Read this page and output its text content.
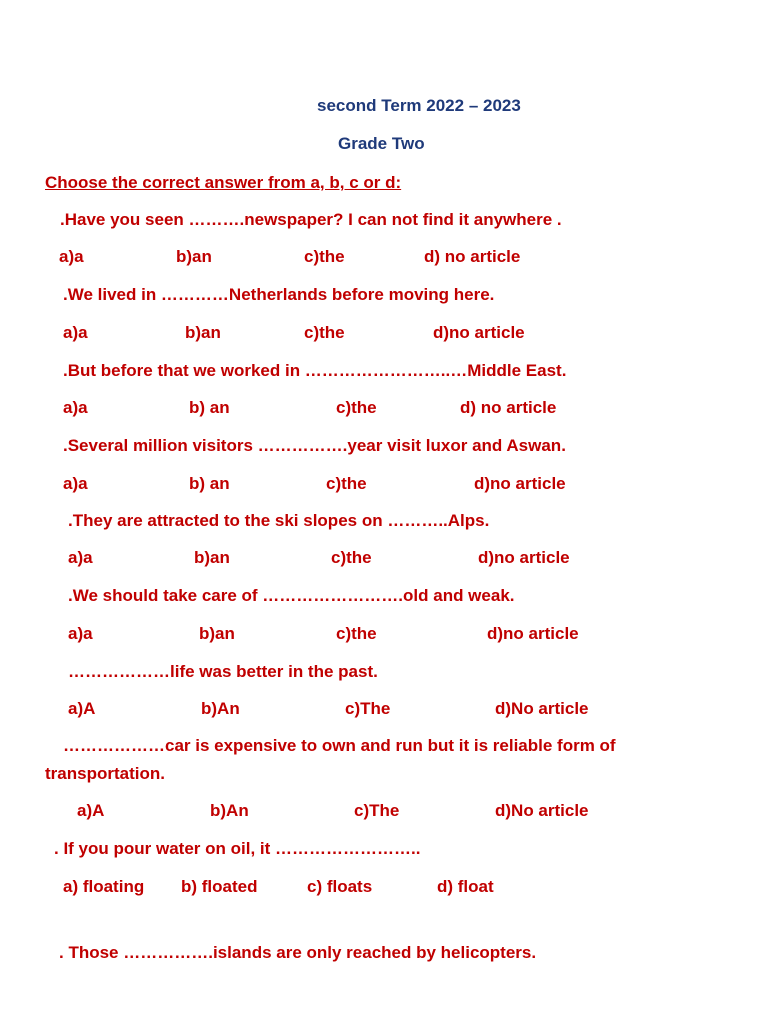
second Term 2022 – 2023
Grade Two
Choose the correct answer from a, b, c or d:
.Have you seen ……….newspaper? I can not find it anywhere .
a)a	b)an	c)the	d) no article
.We lived in …………Netherlands before moving here.
a)a	b)an	c)the	d)no article
.But before that we worked in ……………………..…Middle East.
a)a	b) an	c)the	d) no article
.Several million visitors …………….year visit luxor and Aswan.
a)a	b) an	c)the	d)no article
.They are attracted to the ski slopes on ………..Alps.
a)a	b)an	c)the	d)no article
.We should take care of …………………….old and weak.
a)a	b)an	c)the	d)no article
………………life was better in the past.
a)A	b)An	c)The	d)No article
………………car is expensive to own and run but it is reliable form of
transportation.
a)A	b)An	c)The	d)No article
. If you pour water on oil, it ……………………..
a) floating b) floated	c) floats	d) float
. Those …………….islands are only reached by helicopters.
